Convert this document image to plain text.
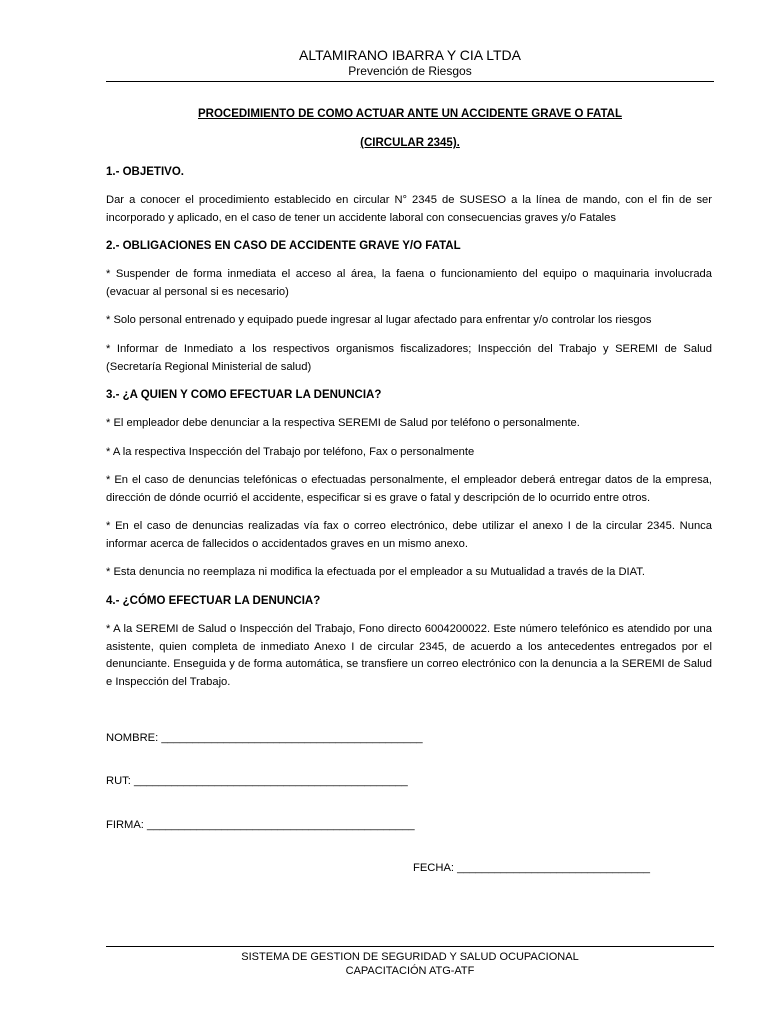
ALTAMIRANO IBARRA Y CIA LTDA
Prevención de Riesgos
PROCEDIMIENTO DE COMO ACTUAR ANTE UN ACCIDENTE GRAVE O FATAL
(CIRCULAR 2345).
1.- OBJETIVO.
Dar a conocer el procedimiento establecido en circular N° 2345 de SUSESO a la línea de mando, con el fin de ser incorporado y aplicado, en el caso de tener un accidente laboral con consecuencias graves y/o Fatales
2.- OBLIGACIONES EN CASO DE ACCIDENTE GRAVE Y/O FATAL
* Suspender de forma inmediata el acceso al área, la faena o funcionamiento del equipo o maquinaria involucrada (evacuar al personal si es necesario)
* Solo personal entrenado y equipado puede ingresar al lugar afectado para enfrentar y/o controlar los riesgos
* Informar de Inmediato a los respectivos organismos fiscalizadores; Inspección del Trabajo y SEREMI de Salud (Secretaría Regional Ministerial de salud)
3.- ¿A QUIEN Y COMO EFECTUAR LA DENUNCIA?
* El empleador debe denunciar a la respectiva SEREMI de Salud por teléfono o personalmente.
* A la respectiva Inspección del Trabajo por teléfono, Fax o personalmente
* En el caso de denuncias telefónicas o efectuadas personalmente, el empleador deberá entregar datos de la empresa, dirección de dónde ocurrió el accidente, especificar si es grave o fatal y descripción de lo ocurrido entre otros.
* En el caso de denuncias realizadas vía fax o correo electrónico, debe utilizar el anexo I de la circular 2345. Nunca informar acerca de fallecidos o accidentados graves en un mismo anexo.
* Esta denuncia no reemplaza ni modifica la efectuada por el empleador a su Mutualidad a través de la DIAT.
4.- ¿CÓMO EFECTUAR LA DENUNCIA?
* A la SEREMI de Salud o Inspección del Trabajo, Fono directo 6004200022. Este número telefónico es atendido por una asistente, quien completa de inmediato Anexo I de circular 2345, de acuerdo a los antecedentes entregados por el denunciante. Enseguida y de forma automática, se transfiere un correo electrónico con la denuncia a la SEREMI de Salud e Inspección del Trabajo.
NOMBRE: __________________________________________
RUT: ____________________________________________
FIRMA: ___________________________________________
FECHA: _______________________________
SISTEMA DE GESTION DE SEGURIDAD Y SALUD OCUPACIONAL
CAPACITACIÓN ATG-ATF
